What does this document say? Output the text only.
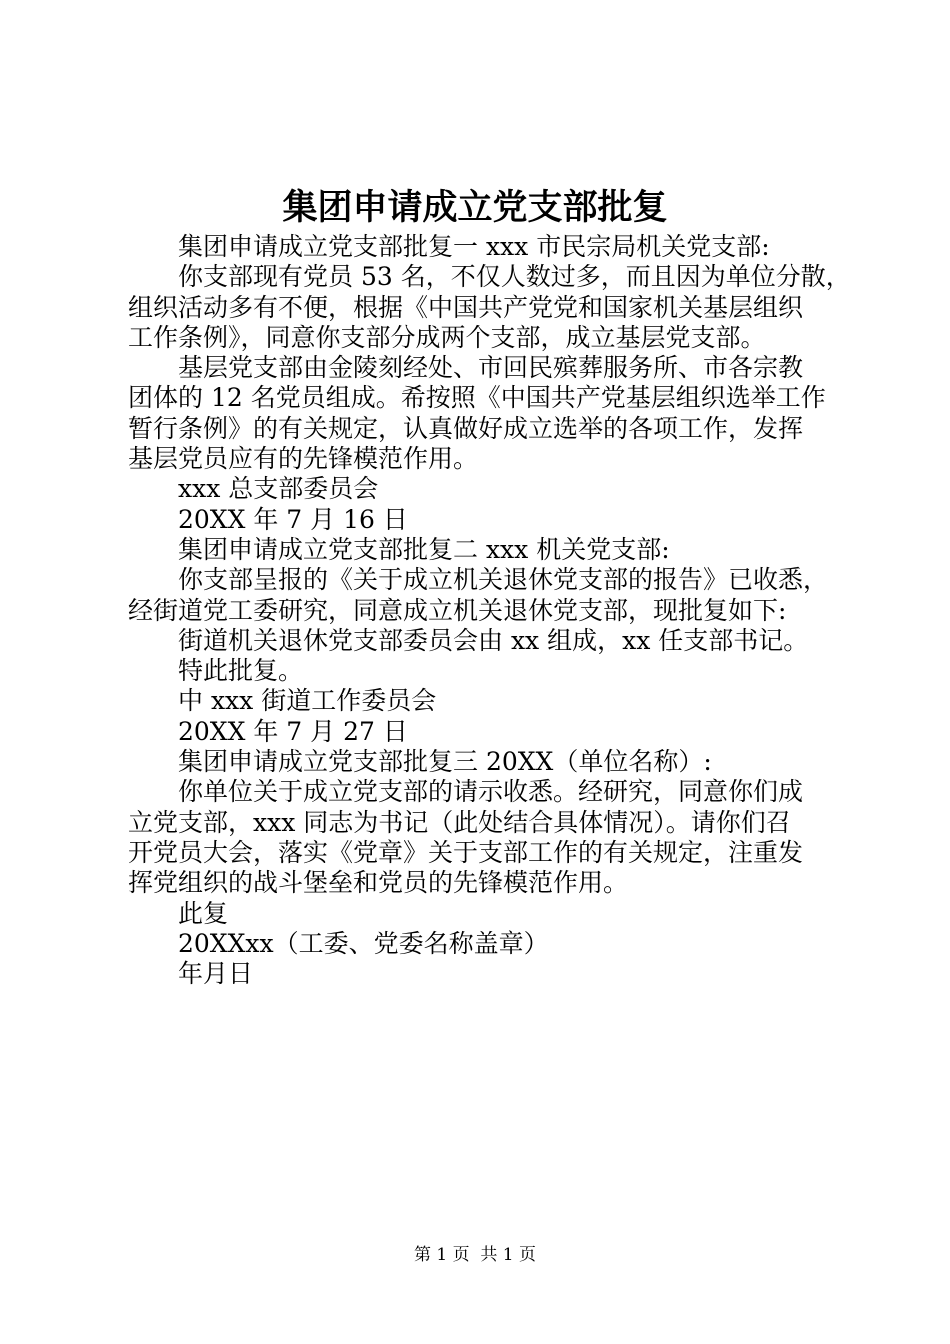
集团申请成立党支部批复
集团申请成立党支部批复一 xxx 市民宗局机关党支部:
你支部现有党员 53 名，不仅人数过多，而且因为单位分散，
组织活动多有不便，根据《中国共产党党和国家机关基层组织
工作条例》，同意你支部分成两个支部，成立基层党支部。
基层党支部由金陵刻经处、市回民殡葬服务所、市各宗教
团体的 12 名党员组成。希按照《中国共产党基层组织选举工作
暂行条例》的有关规定，认真做好成立选举的各项工作，发挥
基层党员应有的先锋模范作用。
xxx 总支部委员会
20XX 年 7 月 16 日
集团申请成立党支部批复二 xxx 机关党支部:
你支部呈报的《关于成立机关退休党支部的报告》已收悉，
经街道党工委研究，同意成立机关退休党支部，现批复如下:
街道机关退休党支部委员会由 xx 组成，xx 任支部书记。
特此批复。
中 xxx 街道工作委员会
20XX 年 7 月 27 日
集团申请成立党支部批复三 20XX（单位名称）:
你单位关于成立党支部的请示收悉。经研究，同意你们成
立党支部，xxx 同志为书记（此处结合具体情况）。请你们召
开党员大会，落实《党章》关于支部工作的有关规定，注重发
挥党组织的战斗堡垒和党员的先锋模范作用。
此复
20XXxx（工委、党委名称盖章）
年月日
第 1 页  共 1 页
